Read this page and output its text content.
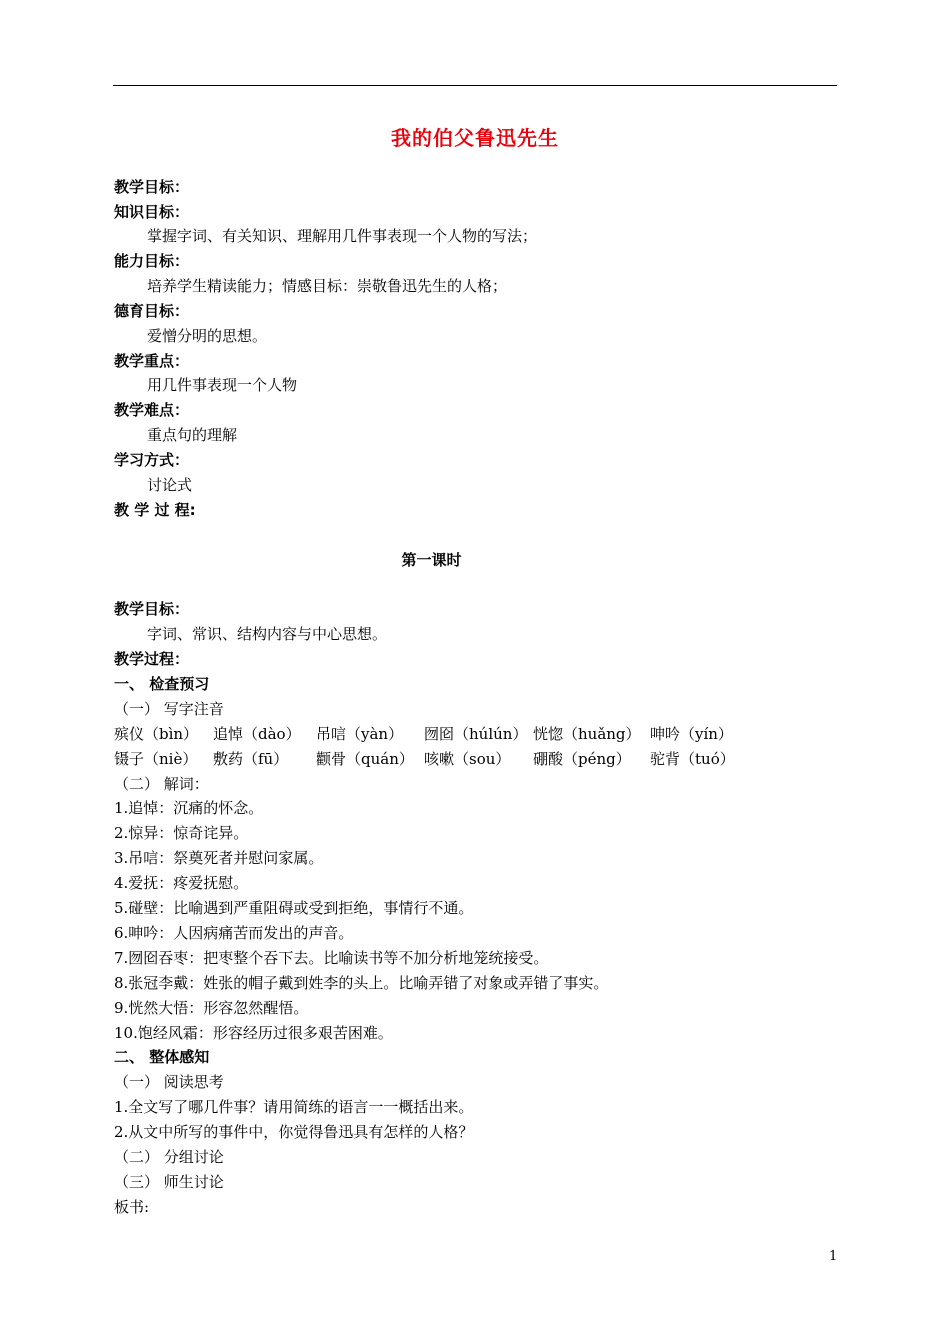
我的伯父鲁迅先生
教学目标：
知识目标：
掌握字词、有关知识、理解用几件事表现一个人物的写法；
能力目标：
培养学生精读能力；情感目标：崇敬鲁迅先生的人格；
德育目标：
爱憎分明的思想。
教学重点：
用几件事表现一个人物
教学难点：
重点句的理解
学习方式：
讨论式
教 学 过 程:
第一课时
教学目标：
字词、常识、结构内容与中心思想。
教学过程：
一、 检查预习
（一） 写字注音
殡仪（bìn） 追悼（dào） 吊唁（yàn） 囫囵（húlún） 恍惚（huǎng） 呻吟（yín）
镊子（niè） 敷药（fū） 颧骨（quán） 咳嗽（sou） 硼酸（péng） 驼背（tuó）
（二） 解词：
1.追悼：沉痛的怀念。
2.惊异：惊奇诧异。
3.吊唁：祭奠死者并慰问家属。
4.爱抚：疼爱抚慰。
5.碰壁：比喻遇到严重阻碍或受到拒绝，事情行不通。
6.呻吟：人因病痛苦而发出的声音。
7.囫囵吞枣：把枣整个吞下去。比喻读书等不加分析地笼统接受。
8.张冠李戴：姓张的帽子戴到姓李的头上。比喻弄错了对象或弄错了事实。
9.恍然大悟：形容忽然醒悟。
10.饱经风霜：形容经历过很多艰苦困难。
二、 整体感知
（一） 阅读思考
1.全文写了哪几件事？请用简练的语言一一概括出来。
2.从文中所写的事件中，你觉得鲁迅具有怎样的人格？
（二） 分组讨论
（三） 师生讨论
板书:
1
